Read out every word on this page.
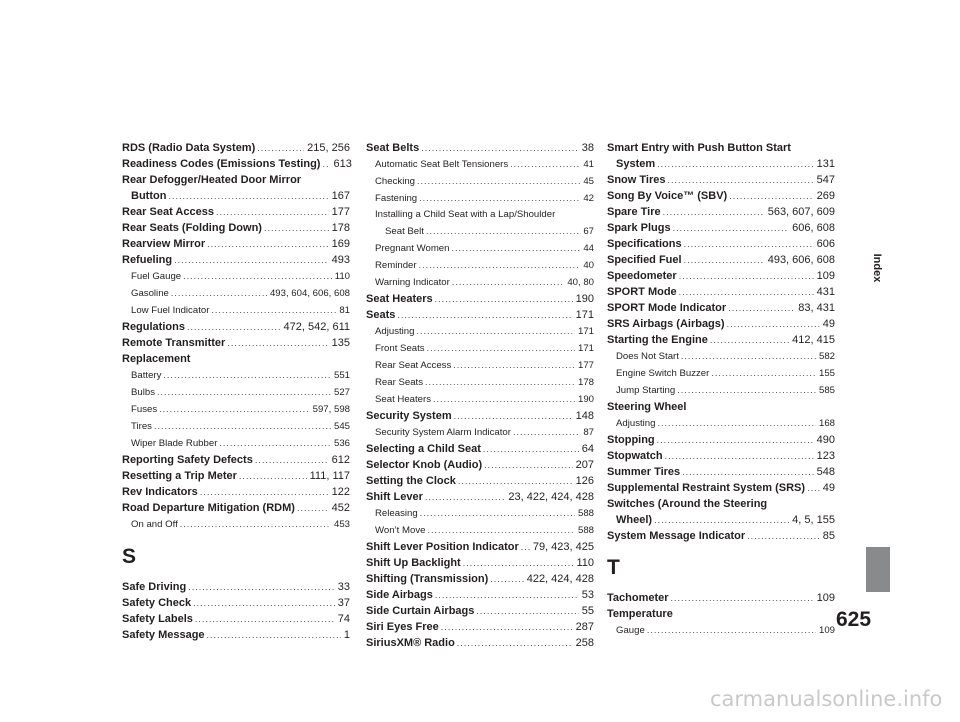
RDS (Radio Data System) .....	215, 256
Readiness Codes (Emissions Testing) ..... 613
Rear Defogger/Heated Door Mirror
Button .....	167
Rear Seat Access .....	177
Rear Seats (Folding Down) .....	178
Rearview Mirror .....	169
Refueling .....	493
Fuel Gauge .....	110
Gasoline .....	493, 604, 606, 608
Low Fuel Indicator .....	81
Regulations .....	472, 542, 611
Remote Transmitter .....	135
Replacement
Battery .....	551
Bulbs .....	527
Fuses .....	597, 598
Tires .....	545
Wiper Blade Rubber .....	536
Reporting Safety Defects .....	612
Resetting a Trip Meter .....	111, 117
Rev Indicators .....	122
Road Departure Mitigation (RDM) .....	452
On and Off .....	453
S
Safe Driving .....	33
Safety Check .....	37
Safety Labels .....	74
Safety Message .....	1
Seat Belts .....	38
Automatic Seat Belt Tensioners .....	41
Checking .....	45
Fastening .....	42
Installing a Child Seat with a Lap/Shoulder
Seat Belt .....	67
Pregnant Women .....	44
Reminder .....	40
Warning Indicator .....	40, 80
Seat Heaters .....	190
Seats .....	171
Adjusting .....	171
Front Seats .....	171
Rear Seat Access .....	177
Rear Seats .....	178
Seat Heaters .....	190
Security System .....	148
Security System Alarm Indicator .....	87
Selecting a Child Seat .....	64
Selector Knob (Audio) .....	207
Setting the Clock .....	126
Shift Lever .....	23, 422, 424, 428
Releasing .....	588
Won’t Move .....	588
Shift Lever Position Indicator ..... 79, 423, 425
Shift Up Backlight .....	110
Shifting (Transmission) .....	422, 424, 428
Side Airbags .....	53
Side Curtain Airbags .....	55
Siri Eyes Free .....	287
SiriusXM® Radio .....	258
Smart Entry with Push Button Start
System .....	131
Snow Tires .....	547
Song By Voice™ (SBV) .....	269
Spare Tire .....	563, 607, 609
Spark Plugs .....	606, 608
Specifications .....	606
Specified Fuel .....	493, 606, 608
Speedometer .....	109
SPORT Mode .....	431
SPORT Mode Indicator .....	83, 431
SRS Airbags (Airbags) .....	49
Starting the Engine .....	412, 415
Does Not Start .....	582
Engine Switch Buzzer .....	155
Jump Starting .....	585
Steering Wheel
Adjusting .....	168
Stopping .....	490
Stopwatch .....	123
Summer Tires .....	548
Supplemental Restraint System (SRS) ..... 49
Switches (Around the Steering
Wheel) .....	4, 5, 155
System Message Indicator .....	85
T
Tachometer .....	109
Temperature
Gauge .....	109
Index
625
carmanualsonline.info
